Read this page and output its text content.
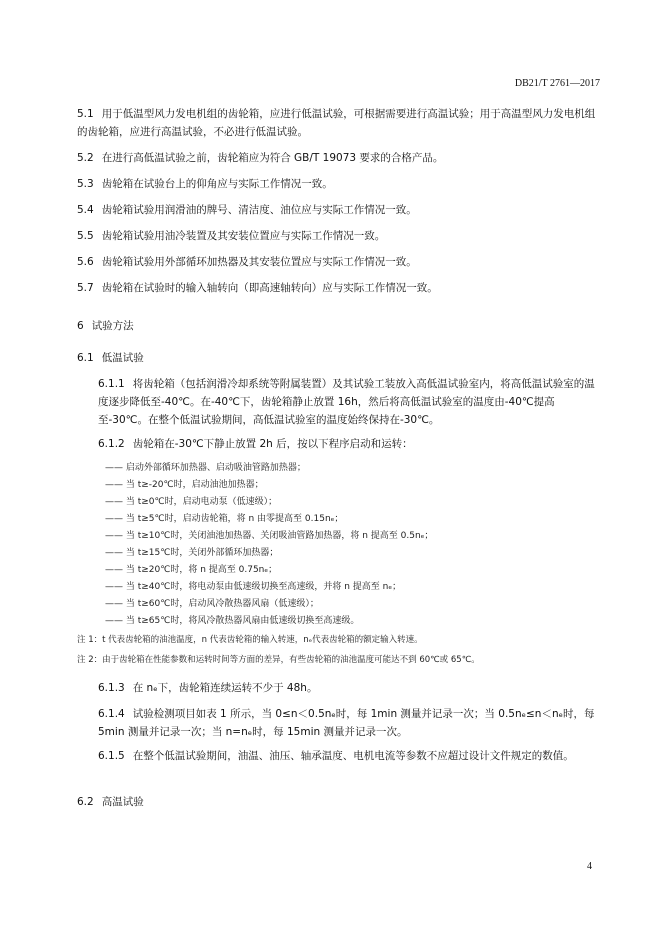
DB21/T 2761—2017
5.1 用于低温型风力发电机组的齿轮箱，应进行低温试验，可根据需要进行高温试验；用于高温型风力发电机组的齿轮箱，应进行高温试验，不必进行低温试验。
5.2 在进行高低温试验之前，齿轮箱应为符合 GB/T 19073 要求的合格产品。
5.3 齿轮箱在试验台上的仰角应与实际工作情况一致。
5.4 齿轮箱试验用润滑油的牌号、清洁度、油位应与实际工作情况一致。
5.5 齿轮箱试验用油冷装置及其安装位置应与实际工作情况一致。
5.6 齿轮箱试验用外部循环加热器及其安装位置应与实际工作情况一致。
5.7 齿轮箱在试验时的输入轴转向（即高速轴转向）应与实际工作情况一致。
6 试验方法
6.1 低温试验
6.1.1 将齿轮箱（包括润滑冷却系统等附属装置）及其试验工装放入高低温试验室内，将高低温试验室的温度逐步降低至-40℃。在-40℃下，齿轮箱静止放置 16h，然后将高低温试验室的温度由-40℃提高至-30℃。在整个低温试验期间，高低温试验室的温度始终保持在-30℃。
6.1.2 齿轮箱在-30℃下静止放置 2h 后，按以下程序启动和运转：
—— 启动外部循环加热器、启动吸油管路加热器；
—— 当 t≥-20℃时，启动油池加热器；
—— 当 t≥0℃时，启动电动泵（低速级）；
—— 当 t≥5℃时，启动齿轮箱，将 n 由零提高至 0.15nₑ；
—— 当 t≥10℃时，关闭油池加热器、关闭吸油管路加热器，将 n 提高至 0.5nₑ；
—— 当 t≥15℃时，关闭外部循环加热器；
—— 当 t≥20℃时，将 n 提高至 0.75nₑ；
—— 当 t≥40℃时，将电动泵由低速级切换至高速级，并将 n 提高至 nₑ；
—— 当 t≥60℃时，启动风冷散热器风扇（低速级）；
—— 当 t≥65℃时，将风冷散热器风扇由低速级切换至高速级。
注 1：t 代表齿轮箱的油池温度，n 代表齿轮箱的输入转速，nₑ代表齿轮箱的额定输入转速。
注 2：由于齿轮箱在性能参数和运转时间等方面的差异，有些齿轮箱的油池温度可能达不到 60℃或 65℃。
6.1.3 在 nₑ下，齿轮箱连续运转不少于 48h。
6.1.4 试验检测项目如表 1 所示，当 0≤n＜0.5nₑ时，每 1min 测量并记录一次；当 0.5nₑ≤n＜nₑ时，每 5min 测量并记录一次；当 n=nₑ时，每 15min 测量并记录一次。
6.1.5 在整个低温试验期间，油温、油压、轴承温度、电机电流等参数不应超过设计文件规定的数值。
6.2 高温试验
4
